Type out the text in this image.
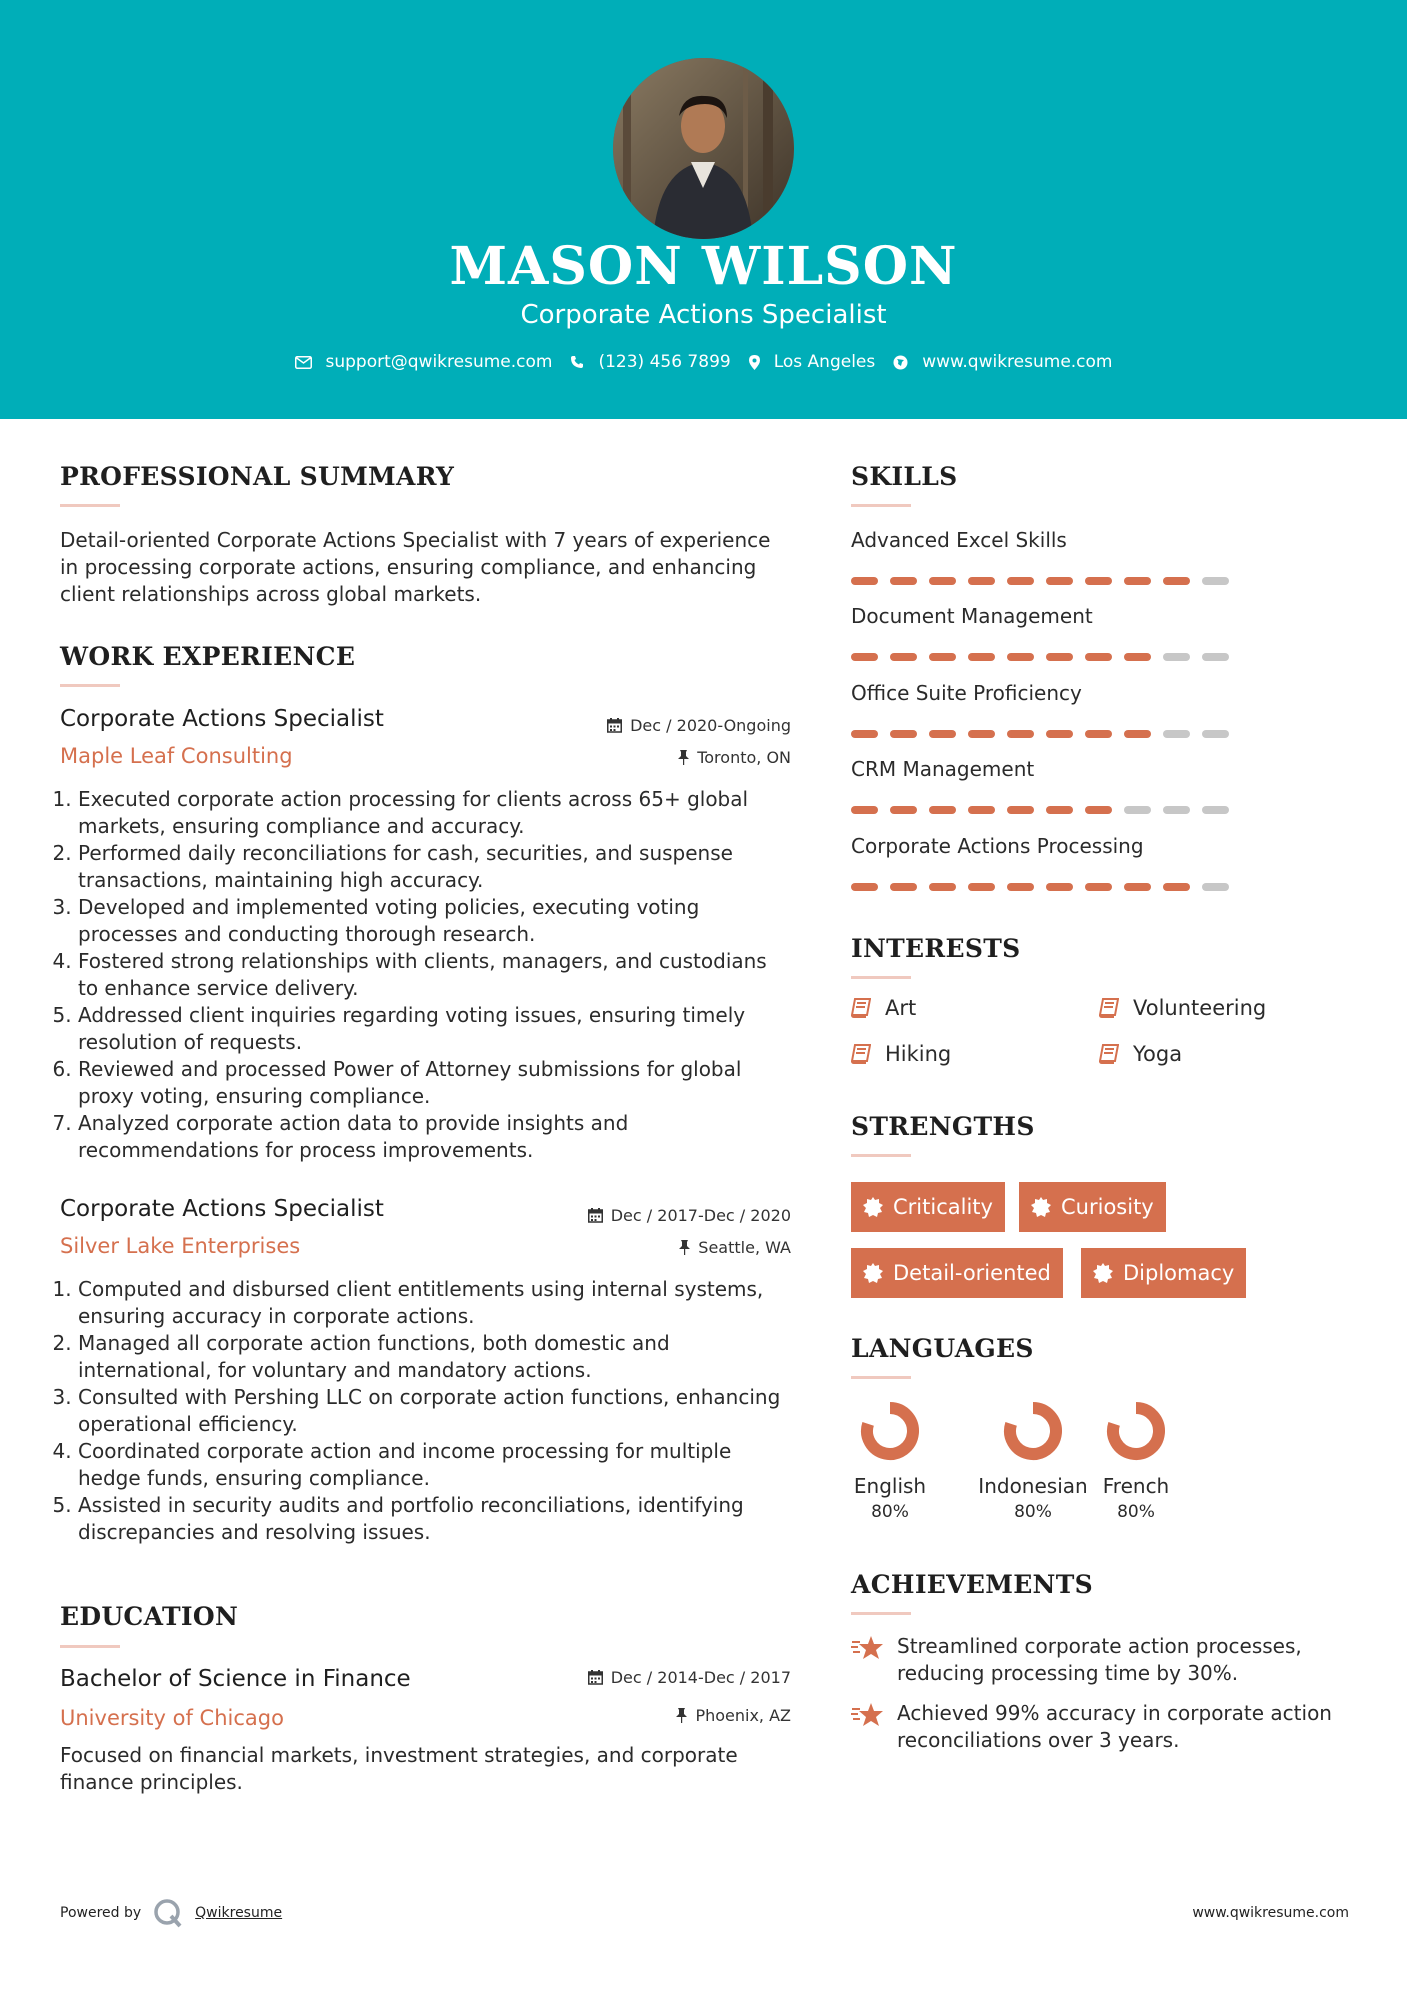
MASON WILSON
Corporate Actions Specialist
support@qwikresume.com	(123) 456 7899	Los Angeles	www.qwikresume.com
PROFESSIONAL SUMMARY
Detail-oriented Corporate Actions Specialist with 7 years of experience in processing corporate actions, ensuring compliance, and enhancing client relationships across global markets.
WORK EXPERIENCE
Corporate Actions Specialist	Dec / 2020-Ongoing
Maple Leaf Consulting	Toronto, ON
1. Executed corporate action processing for clients across 65+ global markets, ensuring compliance and accuracy.
2. Performed daily reconciliations for cash, securities, and suspense transactions, maintaining high accuracy.
3. Developed and implemented voting policies, executing voting processes and conducting thorough research.
4. Fostered strong relationships with clients, managers, and custodians to enhance service delivery.
5. Addressed client inquiries regarding voting issues, ensuring timely resolution of requests.
6. Reviewed and processed Power of Attorney submissions for global proxy voting, ensuring compliance.
7. Analyzed corporate action data to provide insights and recommendations for process improvements.
Corporate Actions Specialist	Dec / 2017-Dec / 2020
Silver Lake Enterprises	Seattle, WA
1. Computed and disbursed client entitlements using internal systems, ensuring accuracy in corporate actions.
2. Managed all corporate action functions, both domestic and international, for voluntary and mandatory actions.
3. Consulted with Pershing LLC on corporate action functions, enhancing operational efficiency.
4. Coordinated corporate action and income processing for multiple hedge funds, ensuring compliance.
5. Assisted in security audits and portfolio reconciliations, identifying discrepancies and resolving issues.
EDUCATION
Bachelor of Science in Finance	Dec / 2014-Dec / 2017
University of Chicago	Phoenix, AZ
Focused on financial markets, investment strategies, and corporate finance principles.
SKILLS
Advanced Excel Skills
Document Management
Office Suite Proficiency
CRM Management
Corporate Actions Processing
INTERESTS
Art	Volunteering
Hiking	Yoga
STRENGTHS
Criticality	Curiosity
Detail-oriented	Diplomacy
LANGUAGES
English
80%
Indonesian
80%
French
80%
ACHIEVEMENTS
Streamlined corporate action processes, reducing processing time by 30%.
Achieved 99% accuracy in corporate action reconciliations over 3 years.
Powered by	Qwikresume	www.qwikresume.com
